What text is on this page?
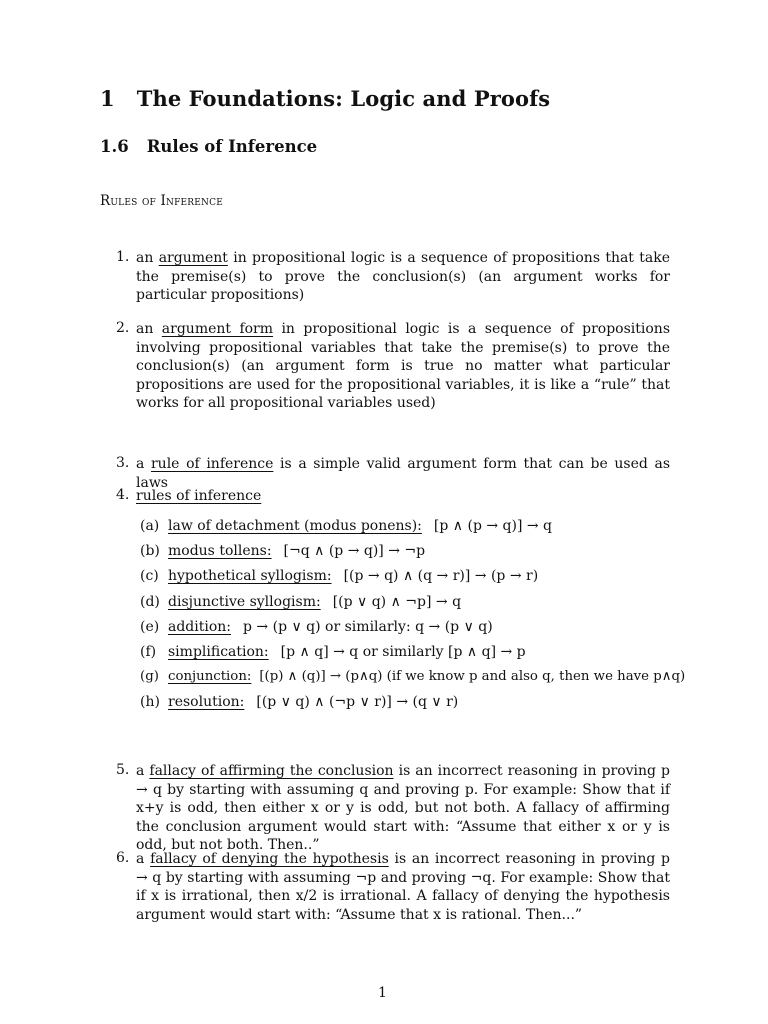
1 The Foundations: Logic and Proofs
1.6 Rules of Inference
Rules of Inference
1. an argument in propositional logic is a sequence of propositions that take the premise(s) to prove the conclusion(s) (an argument works for particular propositions)
2. an argument form in propositional logic is a sequence of propositions involving propositional variables that take the premise(s) to prove the conclusion(s) (an argument form is true no matter what particular propositions are used for the propositional variables, it is like a “rule” that works for all propositional variables used)
3. a rule of inference is a simple valid argument form that can be used as laws
4. rules of inference
(a) law of detachment (modus ponens): [p ∧ (p → q)] → q
(b) modus tollens: [¬q ∧ (p → q)] → ¬p
(c) hypothetical syllogism: [(p → q) ∧ (q → r)] → (p → r)
(d) disjunctive syllogism: [(p ∨ q) ∧ ¬p] → q
(e) addition: p → (p ∨ q) or similarly: q → (p ∨ q)
(f) simplification: [p ∧ q] → q or similarly [p ∧ q] → p
(g) conjunction: [(p) ∧ (q)] → (p∧q) (if we know p and also q, then we have p∧q)
(h) resolution: [(p ∨ q) ∧ (¬p ∨ r)] → (q ∨ r)
5. a fallacy of affirming the conclusion is an incorrect reasoning in proving p → q by starting with assuming q and proving p. For example: Show that if x+y is odd, then either x or y is odd, but not both. A fallacy of affirming the conclusion argument would start with: “Assume that either x or y is odd, but not both. Then..”
6. a fallacy of denying the hypothesis is an incorrect reasoning in proving p → q by starting with assuming ¬p and proving ¬q. For example: Show that if x is irrational, then x/2 is irrational. A fallacy of denying the hypothesis argument would start with: “Assume that x is rational. Then...”
1
